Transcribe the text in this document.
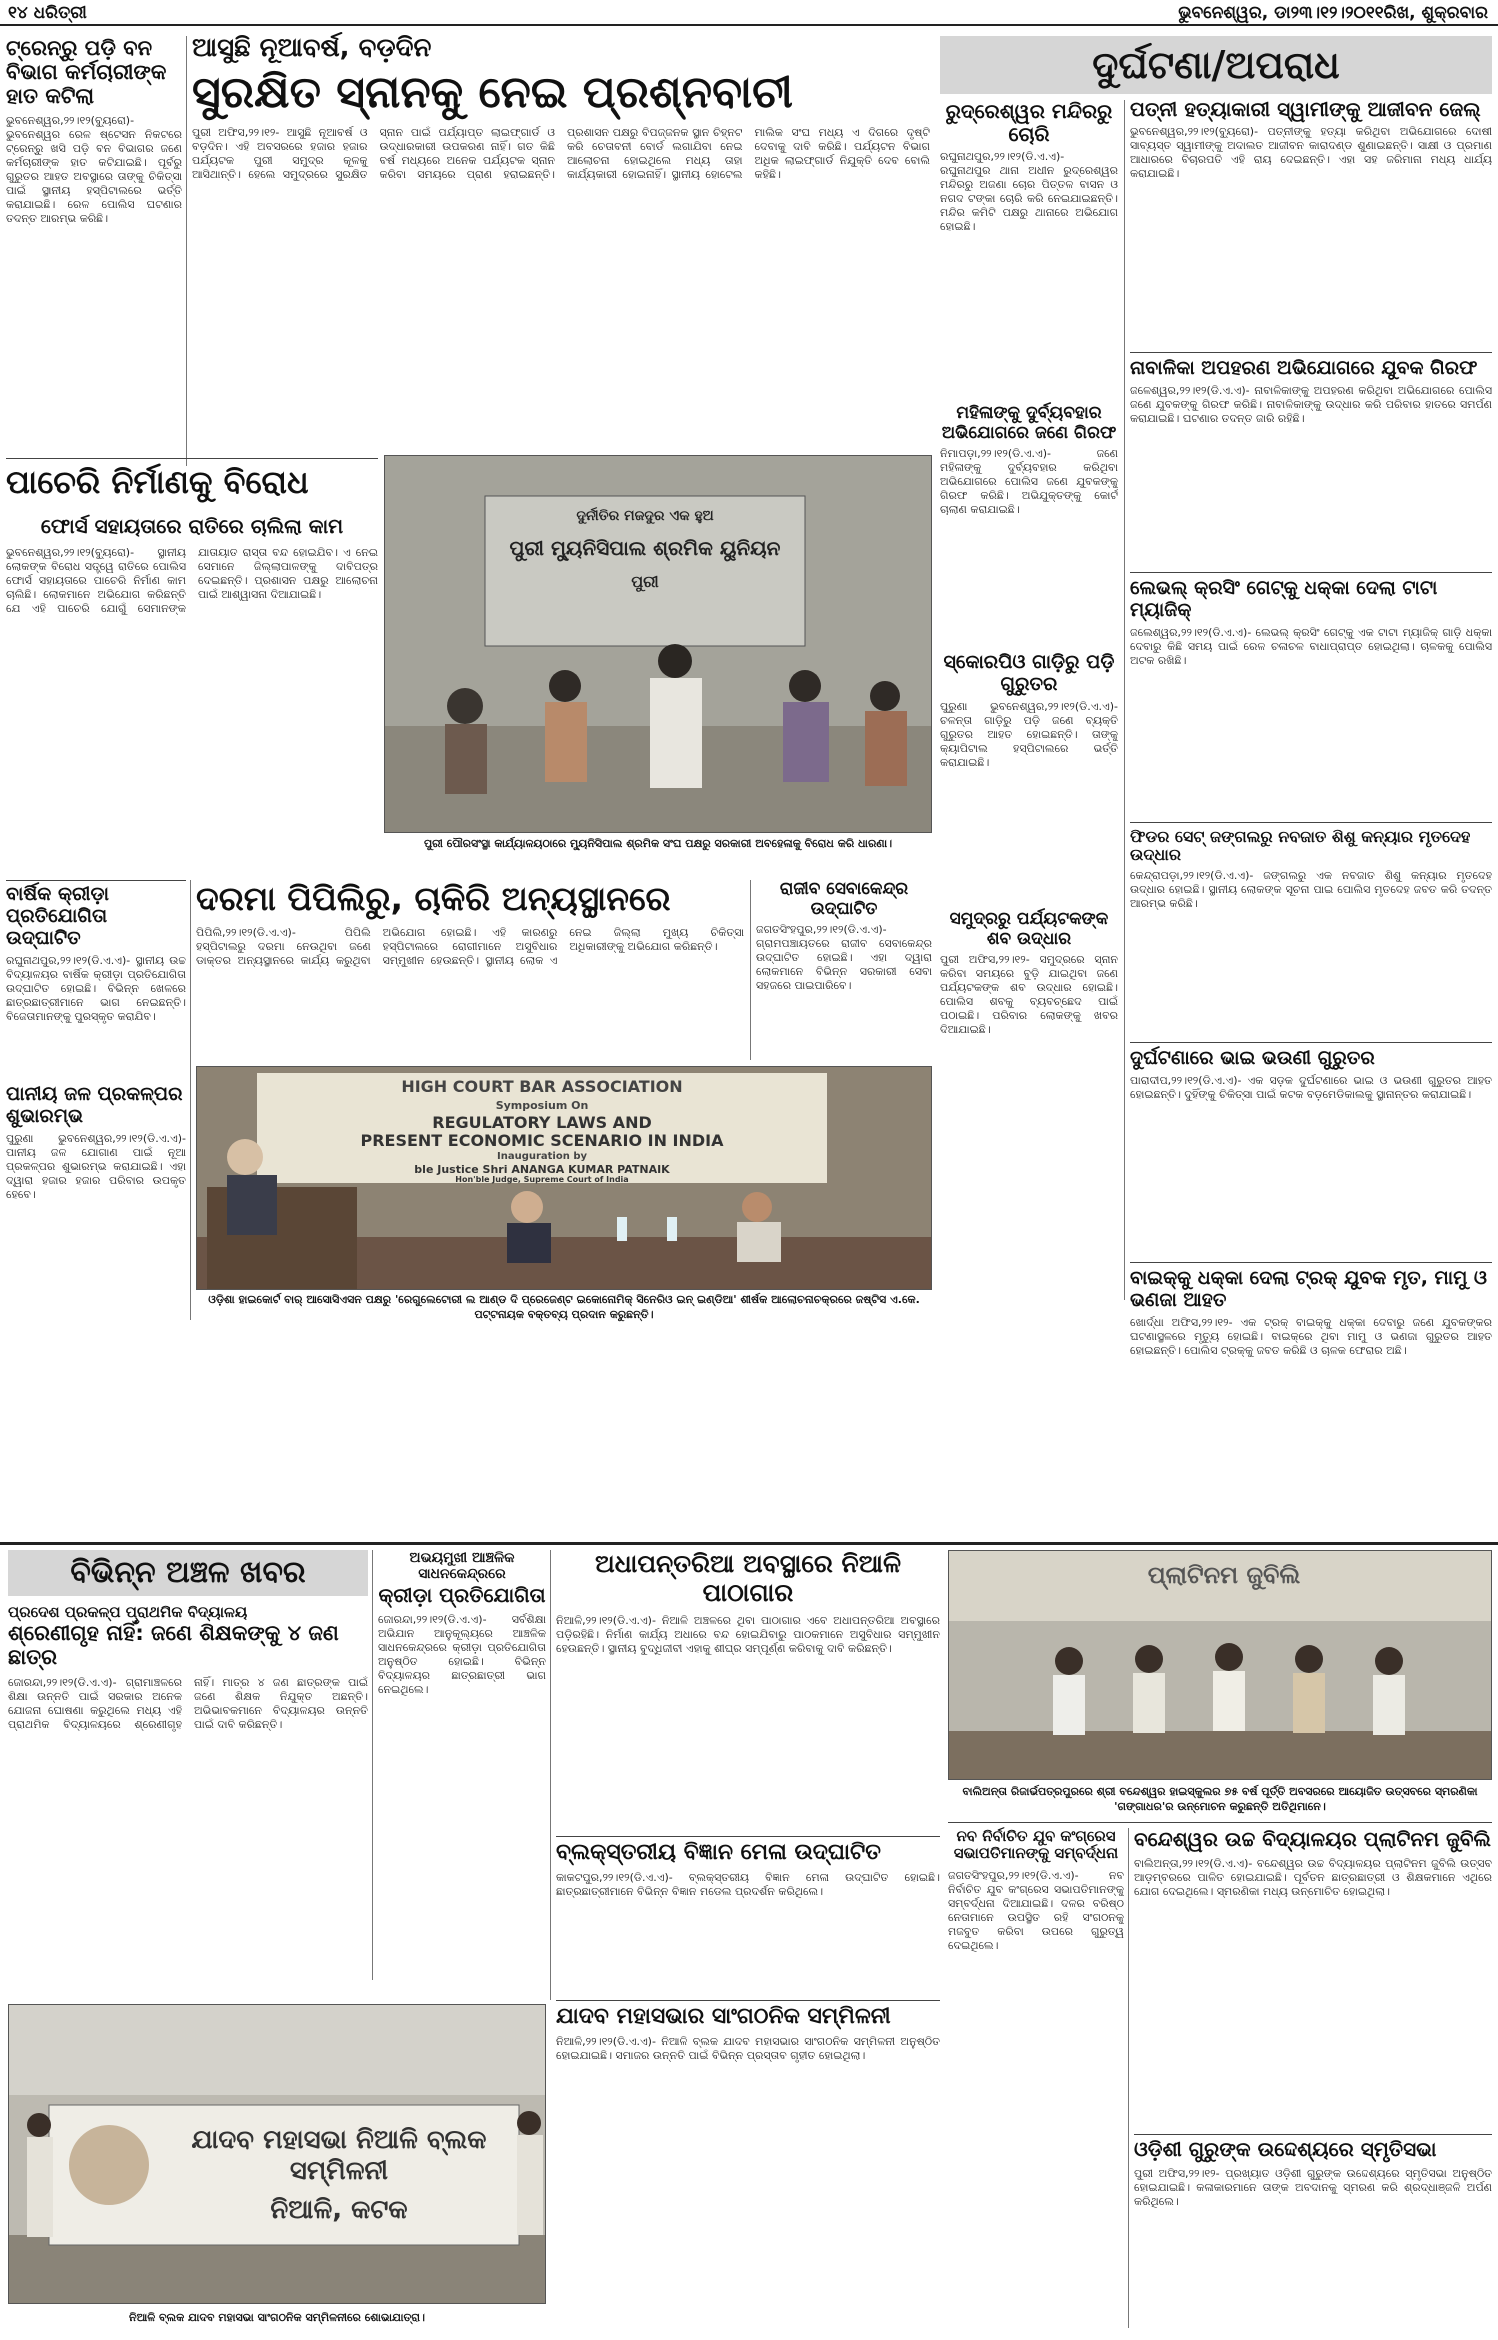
୧୪ ଧରିତ୍ରୀ	ଭୁବନେଶ୍ୱର, ଡା୨୩।୧୨।୨୦୧୧ରିଖ, ଶୁକ୍ରବାର
ଟ୍ରେନ୍‌ରୁ ପଡ଼ି ବନ ବିଭାଗ କର୍ମଚାରୀଙ୍କ ହାତ କଟିଲା
ଭୁବନେଶ୍ୱର,୨୨।୧୨(ବ୍ୟୁରୋ)- ଭୁବନେଶ୍ୱର ରେଳ ଷ୍ଟେସନ ନିକଟରେ ଟ୍ରେନ୍‌ରୁ ଖସି ପଡ଼ି ବନ ବିଭାଗର ଜଣେ କର୍ମଚାରୀଙ୍କ ହାତ କଟିଯାଇଛି। ପୂର୍ବରୁ ଗୁରୁତର ଆହତ ଅବସ୍ଥାରେ ତାଙ୍କୁ ଚିକିତ୍ସା ପାଇଁ ସ୍ଥାନୀୟ ହସ୍ପିଟାଲରେ ଭର୍ତ୍ତି କରାଯାଇଛି। ରେଳ ପୋଲିସ ଘଟଣାର ତଦନ୍ତ ଆରମ୍ଭ କରିଛି।
ଆସୁଛି ନୂଆବର୍ଷ, ବଡ଼ଦିନ
ସୁରକ୍ଷିତ ସ୍ନାନକୁ ନେଇ ପ୍ରଶ୍ନବାଚୀ
ପୁରୀ ଅଫିସ,୨୨।୧୨- ଆସୁଛି ନୂଆବର୍ଷ ଓ ବଡ଼ଦିନ। ଏହି ଅବସରରେ ହଜାର ହଜାର ପର୍ଯ୍ୟଟକ ପୁରୀ ସମୁଦ୍ର କୂଳକୁ ଆସିଥାନ୍ତି। ହେଲେ ସମୁଦ୍ରରେ ସୁରକ୍ଷିତ ସ୍ନାନ ପାଇଁ ପର୍ଯ୍ୟାପ୍ତ ଲାଇଫ୍‌ଗାର୍ଡ ଓ ଉଦ୍ଧାରକାରୀ ଉପକରଣ ନାହିଁ। ଗତ କିଛି ବର୍ଷ ମଧ୍ୟରେ ଅନେକ ପର୍ଯ୍ୟଟକ ସ୍ନାନ କରିବା ସମୟରେ ପ୍ରାଣ ହରାଇଛନ୍ତି। ପ୍ରଶାସନ ପକ୍ଷରୁ ବିପଜ୍ଜନକ ସ୍ଥାନ ଚିହ୍ନଟ କରି ଚେତାବନୀ ବୋର୍ଡ ଲଗାଯିବା ନେଇ ଆଲୋଚନା ହୋଇଥିଲେ ମଧ୍ୟ ତାହା କାର୍ଯ୍ୟକାରୀ ହୋଇନାହିଁ। ସ୍ଥାନୀୟ ହୋଟେଲ ମାଲିକ ସଂଘ ମଧ୍ୟ ଏ ଦିଗରେ ଦୃଷ୍ଟି ଦେବାକୁ ଦାବି କରିଛି। ପର୍ଯ୍ୟଟନ ବିଭାଗ ଅଧିକ ଲାଇଫ୍‌ଗାର୍ଡ ନିଯୁକ୍ତି ଦେବ ବୋଲି କହିଛି।
ଦୁର୍ନୀତିର ମଜଦୁର ଏକ ହୁଅ
ପୁରୀ ମ୍ୟୁନିସିପାଲ ଶ୍ରମିକ ୟୁନିୟନ
ପୁରୀ
ପୁରୀ ପୌରସଂସ୍ଥା କାର୍ଯ୍ୟାଳୟଠାରେ ମ୍ୟୁନିସିପାଲ ଶ୍ରମିକ ସଂଘ ପକ୍ଷରୁ ସରକାରୀ ଅବହେଳାକୁ ବିରୋଧ କରି ଧାରଣା।
ପାଚେରି ନିର୍ମାଣକୁ ବିରୋଧ
ଫୋର୍ସ ସହାୟତାରେ ରାତିରେ ଚାଲିଲା କାମ
ଭୁବନେଶ୍ୱର,୨୨।୧୨(ବ୍ୟୁରୋ)- ସ୍ଥାନୀୟ ଲୋକଙ୍କ ବିରୋଧ ସତ୍ତ୍ୱେ ରାତିରେ ପୋଲିସ ଫୋର୍ସ ସହାୟତାରେ ପାଚେରି ନିର୍ମାଣ କାମ ଚାଲିଛି। ଲୋକମାନେ ଅଭିଯୋଗ କରିଛନ୍ତି ଯେ ଏହି ପାଚେରି ଯୋଗୁଁ ସେମାନଙ୍କ ଯାତାୟାତ ରାସ୍ତା ବନ୍ଦ ହୋଇଯିବ। ଏ ନେଇ ସେମାନେ ଜିଲ୍ଲାପାଳଙ୍କୁ ଦାବିପତ୍ର ଦେଇଛନ୍ତି। ପ୍ରଶାସନ ପକ୍ଷରୁ ଆଲୋଚନା ପାଇଁ ଆଶ୍ୱାସନା ଦିଆଯାଇଛି।
ବାର୍ଷିକ କ୍ରୀଡ଼ା ପ୍ରତିଯୋଗିତା ଉଦ୍‌ଘାଟିତ
ରଘୁନାଥପୁର,୨୨।୧୨(ଡି.ଏ.ଏ)- ସ୍ଥାନୀୟ ଉଚ୍ଚ ବିଦ୍ୟାଳୟର ବାର୍ଷିକ କ୍ରୀଡ଼ା ପ୍ରତିଯୋଗିତା ଉଦ୍‌ଘାଟିତ ହୋଇଛି। ବିଭିନ୍ନ ଖେଳରେ ଛାତ୍ରଛାତ୍ରୀମାନେ ଭାଗ ନେଇଛନ୍ତି। ବିଜେତାମାନଙ୍କୁ ପୁରସ୍କୃତ କରାଯିବ।
ପାନୀୟ ଜଳ ପ୍ରକଳ୍ପର ଶୁଭାରମ୍ଭ
ପୁରୁଣା ଭୁବନେଶ୍ୱର,୨୨।୧୨(ଡି.ଏ.ଏ)- ପାନୀୟ ଜଳ ଯୋଗାଣ ପାଇଁ ନୂଆ ପ୍ରକଳ୍ପର ଶୁଭାରମ୍ଭ କରାଯାଇଛି। ଏହା ଦ୍ୱାରା ହଜାର ହଜାର ପରିବାର ଉପକୃତ ହେବେ।
ଦରମା ପିପିଲିରୁ, ଚାକିରି ଅନ୍ୟସ୍ଥାନରେ
ପିପିଲି,୨୨।୧୨(ଡି.ଏ.ଏ)- ପିପିଲି ହସ୍ପିଟାଲରୁ ଦରମା ନେଉଥିବା ଜଣେ ଡାକ୍ତର ଅନ୍ୟସ୍ଥାନରେ କାର୍ଯ୍ୟ କରୁଥିବା ଅଭିଯୋଗ ହୋଇଛି। ଏହି କାରଣରୁ ହସ୍ପିଟାଲରେ ରୋଗୀମାନେ ଅସୁବିଧାର ସମ୍ମୁଖୀନ ହେଉଛନ୍ତି। ସ୍ଥାନୀୟ ଲୋକ ଏ ନେଇ ଜିଲ୍ଲା ମୁଖ୍ୟ ଚିକିତ୍ସା ଅଧିକାରୀଙ୍କୁ ଅଭିଯୋଗ କରିଛନ୍ତି।
ରାଜୀବ ସେବାକେନ୍ଦ୍ର ଉଦ୍‌ଘାଟିତ
ଜଗତସିଂହପୁର,୨୨।୧୨(ଡି.ଏ.ଏ)- ଗ୍ରାମପଞ୍ଚାୟତରେ ରାଜୀବ ସେବାକେନ୍ଦ୍ର ଉଦ୍‌ଘାଟିତ ହୋଇଛି। ଏହା ଦ୍ୱାରା ଲୋକମାନେ ବିଭିନ୍ନ ସରକାରୀ ସେବା ସହଜରେ ପାଇପାରିବେ।
HIGH COURT BAR ASSOCIATION
Symposium On
REGULATORY LAWS AND
PRESENT ECONOMIC SCENARIO IN INDIA
Inauguration by
ble Justice Shri ANANGA KUMAR PATNAIK
Hon'ble Judge, Supreme Court of India
ଓଡ଼ିଶା ହାଇକୋର୍ଟ ବାର୍ ଆସୋସିଏସନ ପକ୍ଷରୁ 'ରେଗୁଲେଟୋରୀ ଲ ଆଣ୍ଡ ଦି ପ୍ରେଜେଣ୍ଟ ଇକୋନୋମିକ୍ ସିନେରିଓ ଇନ୍ ଇଣ୍ଡିଆ' ଶୀର୍ଷକ ଆଲୋଚନାଚକ୍ରରେ ଜଷ୍ଟିସ ଏ.କେ. ପଟ୍ଟନାୟକ ବକ୍ତବ୍ୟ ପ୍ରଦାନ କରୁଛନ୍ତି।
ଦୁର୍ଘଟଣା/ଅପରାଧ
ରୁଦ୍ରେଶ୍ୱର ମନ୍ଦିରରୁ ଚୋରି
ରଘୁନାଥପୁର,୨୨।୧୨(ଡି.ଏ.ଏ)- ରଘୁନାଥପୁର ଥାନା ଅଧୀନ ରୁଦ୍ରେଶ୍ୱର ମନ୍ଦିରରୁ ଅଜଣା ଚୋର ପିତ୍ତଳ ବାସନ ଓ ନଗଦ ଟଙ୍କା ଚୋରି କରି ନେଇଯାଇଛନ୍ତି। ମନ୍ଦିର କମିଟି ପକ୍ଷରୁ ଥାନାରେ ଅଭିଯୋଗ ହୋଇଛି।
ମହିଳାଙ୍କୁ ଦୁର୍ବ୍ୟବହାର ଅଭିଯୋଗରେ ଜଣେ ଗିରଫ
ନିମାପଡ଼ା,୨୨।୧୨(ଡି.ଏ.ଏ)- ଜଣେ ମହିଳାଙ୍କୁ ଦୁର୍ବ୍ୟବହାର କରିଥିବା ଅଭିଯୋଗରେ ପୋଲିସ ଜଣେ ଯୁବକଙ୍କୁ ଗିରଫ କରିଛି। ଅଭିଯୁକ୍ତଙ୍କୁ କୋର୍ଟ ଚାଲାଣ କରାଯାଇଛି।
ସ୍କୋରପିଓ ଗାଡ଼ିରୁ ପଡ଼ି ଗୁରୁତର
ପୁରୁଣା ଭୁବନେଶ୍ୱର,୨୨।୧୨(ଡି.ଏ.ଏ)- ଚଳନ୍ତା ଗାଡ଼ିରୁ ପଡ଼ି ଜଣେ ବ୍ୟକ୍ତି ଗୁରୁତର ଆହତ ହୋଇଛନ୍ତି। ତାଙ୍କୁ କ୍ୟାପିଟାଲ ହସ୍ପିଟାଲରେ ଭର୍ତ୍ତି କରାଯାଇଛି।
ସମୁଦ୍ରରୁ ପର୍ଯ୍ୟଟକଙ୍କ ଶବ ଉଦ୍ଧାର
ପୁରୀ ଅଫିସ,୨୨।୧୨- ସମୁଦ୍ରରେ ସ୍ନାନ କରିବା ସମୟରେ ବୁଡ଼ି ଯାଇଥିବା ଜଣେ ପର୍ଯ୍ୟଟକଙ୍କ ଶବ ଉଦ୍ଧାର ହୋଇଛି। ପୋଲିସ ଶବକୁ ବ୍ୟବଚ୍ଛେଦ ପାଇଁ ପଠାଇଛି। ପରିବାର ଲୋକଙ୍କୁ ଖବର ଦିଆଯାଇଛି।
ପତ୍ନୀ ହତ୍ୟାକାରୀ ସ୍ୱାମୀଙ୍କୁ ଆଜୀବନ ଜେଲ୍
ଭୁବନେଶ୍ୱର,୨୨।୧୨(ବ୍ୟୁରୋ)- ପତ୍ନୀଙ୍କୁ ହତ୍ୟା କରିଥିବା ଅଭିଯୋଗରେ ଦୋଷୀ ସାବ୍ୟସ୍ତ ସ୍ୱାମୀଙ୍କୁ ଅଦାଲତ ଆଜୀବନ କାରାଦଣ୍ଡ ଶୁଣାଇଛନ୍ତି। ସାକ୍ଷୀ ଓ ପ୍ରମାଣ ଆଧାରରେ ବିଚାରପତି ଏହି ରାୟ ଦେଇଛନ୍ତି। ଏହା ସହ ଜରିମାନା ମଧ୍ୟ ଧାର୍ଯ୍ୟ କରାଯାଇଛି।
ନାବାଳିକା ଅପହରଣ ଅଭିଯୋଗରେ ଯୁବକ ଗିରଫ
ଜଳେଶ୍ୱର,୨୨।୧୨(ଡି.ଏ.ଏ)- ନାବାଳିକାଙ୍କୁ ଅପହରଣ କରିଥିବା ଅଭିଯୋଗରେ ପୋଲିସ ଜଣେ ଯୁବକଙ୍କୁ ଗିରଫ କରିଛି। ନାବାଳିକାଙ୍କୁ ଉଦ୍ଧାର କରି ପରିବାର ହାତରେ ସମର୍ପଣ କରାଯାଇଛି। ଘଟଣାର ତଦନ୍ତ ଜାରି ରହିଛି।
ଲେଭଲ୍ କ୍ରସିଂ ଗେଟ୍‌କୁ ଧକ୍କା ଦେଲା ଟାଟା ମ୍ୟାଜିକ୍
ଜଲେଶ୍ୱର,୨୨।୧୨(ଡି.ଏ.ଏ)- ଲେଭଲ୍ କ୍ରସିଂ ଗେଟ୍‌କୁ ଏକ ଟାଟା ମ୍ୟାଜିକ୍ ଗାଡ଼ି ଧକ୍କା ଦେବାରୁ କିଛି ସମୟ ପାଇଁ ରେଳ ଚଳାଚଳ ବାଧାପ୍ରାପ୍ତ ହୋଇଥିଲା। ଚାଳକକୁ ପୋଲିସ ଅଟକ ରଖିଛି।
ଫିଡର ସେଟ୍ ଜଙ୍ଗଲରୁ ନବଜାତ ଶିଶୁ କନ୍ୟାର ମୃତଦେହ ଉଦ୍ଧାର
କେନ୍ଦ୍ରାପଡ଼ା,୨୨।୧୨(ଡି.ଏ.ଏ)- ଜଙ୍ଗଲରୁ ଏକ ନବଜାତ ଶିଶୁ କନ୍ୟାର ମୃତଦେହ ଉଦ୍ଧାର ହୋଇଛି। ସ୍ଥାନୀୟ ଲୋକଙ୍କ ସୂଚନା ପାଇ ପୋଲିସ ମୃତଦେହ ଜବତ କରି ତଦନ୍ତ ଆରମ୍ଭ କରିଛି।
ଦୁର୍ଘଟଣାରେ ଭାଇ ଭଉଣୀ ଗୁରୁତର
ପାରାଦୀପ,୨୨।୧୨(ଡି.ଏ.ଏ)- ଏକ ସଡ଼କ ଦୁର୍ଘଟଣାରେ ଭାଇ ଓ ଭଉଣୀ ଗୁରୁତର ଆହତ ହୋଇଛନ୍ତି। ଦୁହିଁଙ୍କୁ ଚିକିତ୍ସା ପାଇଁ କଟକ ବଡ଼ମେଡିକାଲକୁ ସ୍ଥାନାନ୍ତର କରାଯାଇଛି।
ବାଇକ୍‌କୁ ଧକ୍କା ଦେଲା ଟ୍ରକ୍ ଯୁବକ ମୃତ, ମାମୁ ଓ ଭଣଜା ଆହତ
ଖୋର୍ଦ୍ଧା ଅଫିସ,୨୨।୧୨- ଏକ ଟ୍ରକ୍ ବାଇକ୍‌କୁ ଧକ୍କା ଦେବାରୁ ଜଣେ ଯୁବକଙ୍କର ଘଟଣାସ୍ଥଳରେ ମୃତ୍ୟୁ ହୋଇଛି। ବାଇକ୍‌ରେ ଥିବା ମାମୁ ଓ ଭଣଜା ଗୁରୁତର ଆହତ ହୋଇଛନ୍ତି। ପୋଲିସ ଟ୍ରକ୍‌କୁ ଜବତ କରିଛି ଓ ଚାଳକ ଫେରାର ଅଛି।
ବିଭିନ୍ନ ଅଞ୍ଚଳ ଖବର
ପ୍ରଦେଶ ପ୍ରକଳ୍ପ ପ୍ରାଥମିକ ବିଦ୍ୟାଳୟ
ଶ୍ରେଣୀଗୃହ ନାହିଁ: ଜଣେ ଶିକ୍ଷକଙ୍କୁ ୪ ଜଣ ଛାତ୍ର
ଜୋରନ୍ଦା,୨୨।୧୨(ଡି.ଏ.ଏ)- ଗ୍ରାମାଞ୍ଚଳରେ ଶିକ୍ଷା ଉନ୍ନତି ପାଇଁ ସରକାର ଅନେକ ଯୋଜନା ଘୋଷଣା କରୁଥିଲେ ମଧ୍ୟ ଏହି ପ୍ରାଥମିକ ବିଦ୍ୟାଳୟରେ ଶ୍ରେଣୀଗୃହ ନାହିଁ। ମାତ୍ର ୪ ଜଣ ଛାତ୍ରଙ୍କ ପାଇଁ ଜଣେ ଶିକ୍ଷକ ନିଯୁକ୍ତ ଅଛନ୍ତି। ଅଭିଭାବକମାନେ ବିଦ୍ୟାଳୟର ଉନ୍ନତି ପାଇଁ ଦାବି କରିଛନ୍ତି।
ଅଭୟମୁଖୀ ଆଞ୍ଚଳିକ ସାଧନକେନ୍ଦ୍ରରେ
କ୍ରୀଡ଼ା ପ୍ରତିଯୋଗିତା
ଜୋରନ୍ଦା,୨୨।୧୨(ଡି.ଏ.ଏ)- ସର୍ବଶିକ୍ଷା ଅଭିଯାନ ଆନୁକୂଲ୍ୟରେ ଆଞ୍ଚଳିକ ସାଧନକେନ୍ଦ୍ରରେ କ୍ରୀଡ଼ା ପ୍ରତିଯୋଗିତା ଅନୁଷ୍ଠିତ ହୋଇଛି। ବିଭିନ୍ନ ବିଦ୍ୟାଳୟର ଛାତ୍ରଛାତ୍ରୀ ଭାଗ ନେଇଥିଲେ।
ଅଧାପନ୍ତରିଆ ଅବସ୍ଥାରେ ନିଆଳି ପାଠାଗାର
ନିଆଳି,୨୨।୧୨(ଡି.ଏ.ଏ)- ନିଆଳି ଅଞ୍ଚଳରେ ଥିବା ପାଠାଗାର ଏବେ ଅଧାପନ୍ତରିଆ ଅବସ୍ଥାରେ ପଡ଼ିରହିଛି। ନିର୍ମାଣ କାର୍ଯ୍ୟ ଅଧାରେ ବନ୍ଦ ହୋଇଯିବାରୁ ପାଠକମାନେ ଅସୁବିଧାର ସମ୍ମୁଖୀନ ହେଉଛନ୍ତି। ସ୍ଥାନୀୟ ବୁଦ୍ଧିଜୀବୀ ଏହାକୁ ଶୀଘ୍ର ସମ୍ପୂର୍ଣ୍ଣ କରିବାକୁ ଦାବି କରିଛନ୍ତି।
ବ୍ଲକ୍‌ସ୍ତରୀୟ ବିଜ୍ଞାନ ମେଳା ଉଦ୍‌ଘାଟିତ
କାକଟପୁର,୨୨।୧୨(ଡି.ଏ.ଏ)- ବ୍ଲକ୍‌ସ୍ତରୀୟ ବିଜ୍ଞାନ ମେଳା ଉଦ୍‌ଘାଟିତ ହୋଇଛି। ଛାତ୍ରଛାତ୍ରୀମାନେ ବିଭିନ୍ନ ବିଜ୍ଞାନ ମଡେଲ ପ୍ରଦର୍ଶନ କରିଥିଲେ।
ଯାଦବ ମହାସଭାର ସାଂଗଠନିକ ସମ୍ମିଳନୀ
ନିଆଳି,୨୨।୧୨(ଡି.ଏ.ଏ)- ନିଆଳି ବ୍ଲକ ଯାଦବ ମହାସଭାର ସାଂଗଠନିକ ସମ୍ମିଳନୀ ଅନୁଷ୍ଠିତ ହୋଇଯାଇଛି। ସମାଜର ଉନ୍ନତି ପାଇଁ ବିଭିନ୍ନ ପ୍ରସ୍ତାବ ଗୃହୀତ ହୋଇଥିଲା।
ପ୍ଲାଟିନମ ଜୁବିଲି
ବାଲିଅନ୍ତା ରିଜାର୍ଭପତ୍ରପୁରରେ ଶ୍ରୀ ବନ୍ଦେଶ୍ୱର ହାଇସ୍କୁଲର ୭୫ ବର୍ଷ ପୂର୍ତ୍ତି ଅବସରରେ ଆୟୋଜିତ ଉତ୍ସବରେ ସ୍ମରଣିକା 'ଗଙ୍ଗାଧର'ର ଉନ୍ମୋଚନ କରୁଛନ୍ତି ଅତିଥିମାନେ।
ନବ ନିର୍ବାଚିତ ଯୁବ କଂଗ୍ରେସ ସଭାପତିମାନଙ୍କୁ ସମ୍ବର୍ଦ୍ଧନା
ଜଗତସିଂହପୁର,୨୨।୧୨(ଡି.ଏ.ଏ)- ନବ ନିର୍ବାଚିତ ଯୁବ କଂଗ୍ରେସ ସଭାପତିମାନଙ୍କୁ ସମ୍ବର୍ଦ୍ଧନା ଦିଆଯାଇଛି। ଦଳର ବରିଷ୍ଠ ନେତାମାନେ ଉପସ୍ଥିତ ରହି ସଂଗଠନକୁ ମଜବୁତ କରିବା ଉପରେ ଗୁରୁତ୍ୱ ଦେଇଥିଲେ।
ବନ୍ଦେଶ୍ୱର ଉଚ୍ଚ ବିଦ୍ୟାଳୟର ପ୍ଲାଟିନମ ଜୁବିଲି
ବାଲିଅନ୍ତା,୨୨।୧୨(ଡି.ଏ.ଏ)- ବନ୍ଦେଶ୍ୱର ଉଚ୍ଚ ବିଦ୍ୟାଳୟର ପ୍ଲାଟିନମ ଜୁବିଲି ଉତ୍ସବ ଆଡ଼ମ୍ବରରେ ପାଳିତ ହୋଇଯାଇଛି। ପୂର୍ବତନ ଛାତ୍ରଛାତ୍ରୀ ଓ ଶିକ୍ଷକମାନେ ଏଥିରେ ଯୋଗ ଦେଇଥିଲେ। ସ୍ମରଣିକା ମଧ୍ୟ ଉନ୍ମୋଚିତ ହୋଇଥିଲା।
ଓଡ଼ିଶୀ ଗୁରୁଙ୍କ ଉଦ୍ଦେଶ୍ୟରେ ସ୍ମୃତିସଭା
ପୁରୀ ଅଫିସ,୨୨।୧୨- ପ୍ରଖ୍ୟାତ ଓଡ଼ିଶୀ ଗୁରୁଙ୍କ ଉଦ୍ଦେଶ୍ୟରେ ସ୍ମୃତିସଭା ଅନୁଷ୍ଠିତ ହୋଇଯାଇଛି। କଳାକାରମାନେ ତାଙ୍କ ଅବଦାନକୁ ସ୍ମରଣ କରି ଶ୍ରଦ୍ଧାଞ୍ଜଳି ଅର୍ପଣ କରିଥିଲେ।
ଯାଦବ ମହାସଭା ନିଆଳି ବ୍ଲକ ସମ୍ମିଳନୀ
ନିଆଳି, କଟକ
ନିଆଳି ବ୍ଲକ ଯାଦବ ମହାସଭା ସାଂଗଠନିକ ସମ୍ମିଳନୀରେ ଶୋଭାଯାତ୍ରା।
